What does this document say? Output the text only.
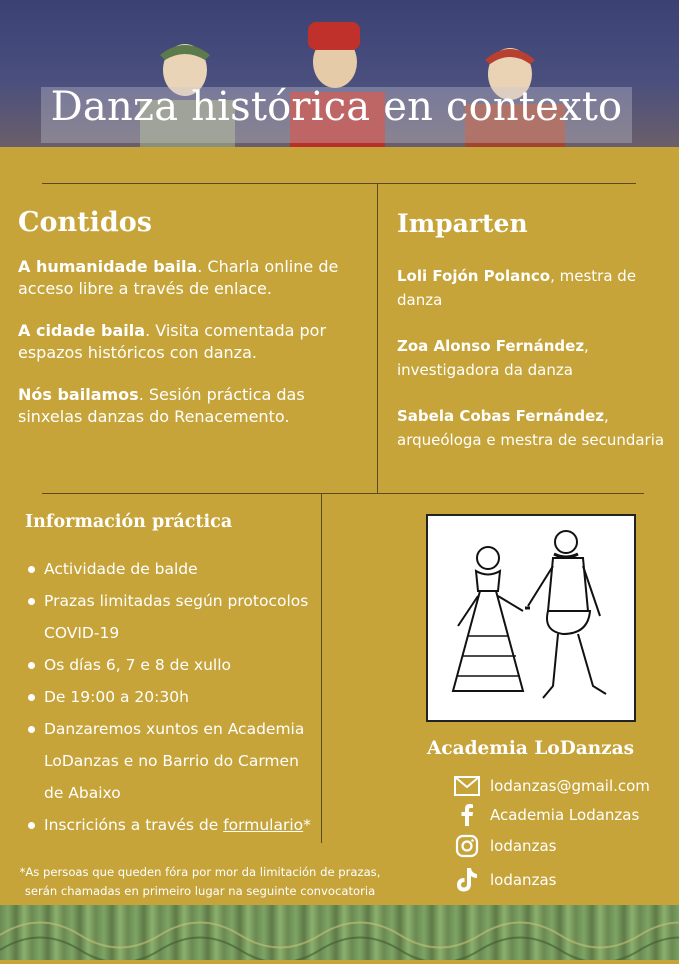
Danza histórica en contexto
Contidos
A humanidade baila. Charla online de acceso libre a través de enlace.
A cidade baila. Visita comentada por espazos históricos con danza.
Nós bailamos. Sesión práctica das sinxelas danzas do Renacemento.
Imparten
Loli Fojón Polanco, mestra de danza
Zoa Alonso Fernández, investigadora da danza
Sabela Cobas Fernández, arqueóloga e mestra de secundaria
Información práctica
Actividade de balde
Prazas limitadas según protocolos COVID-19
Os días 6, 7 e 8 de xullo
De 19:00 a 20:30h
Danzaremos xuntos en Academia LoDanzas e no Barrio do Carmen de Abaixo
Inscricións a través de formulario*
*As persoas que queden fóra por mor da limitación de prazas, serán chamadas en primeiro lugar na seguinte convocatoria
Academia LoDanzas
lodanzas@gmail.com
Academia Lodanzas
lodanzas
lodanzas
